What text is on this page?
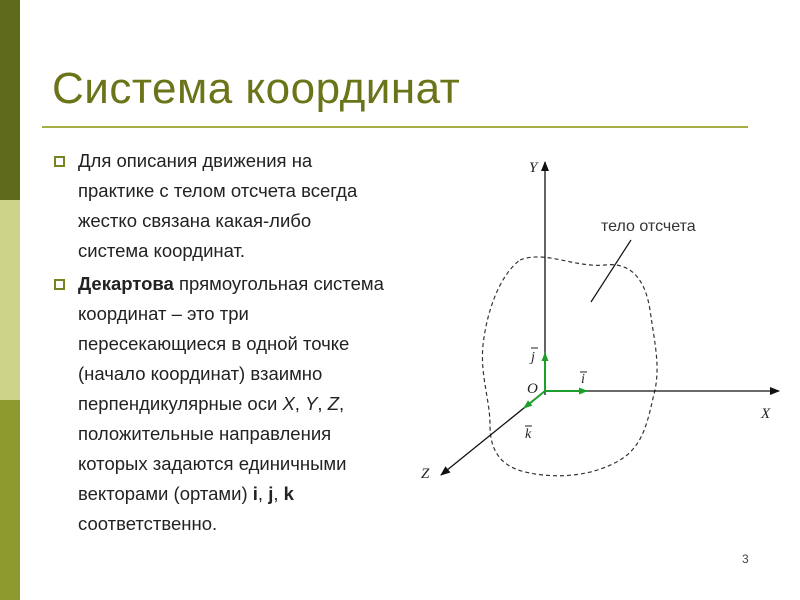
Система координат
Для описания движения на практике с телом отсчета всегда жестко связана какая-либо система координат.
Декартова прямоугольная система координат – это три пересекающиеся в одной точке (начало координат) взаимно перпендикулярные оси X, Y, Z, положительные направления которых задаются единичными векторами (ортами) i, j, k соответственно.
Y
X
Z
O
j
i
k
тело отсчета
3
